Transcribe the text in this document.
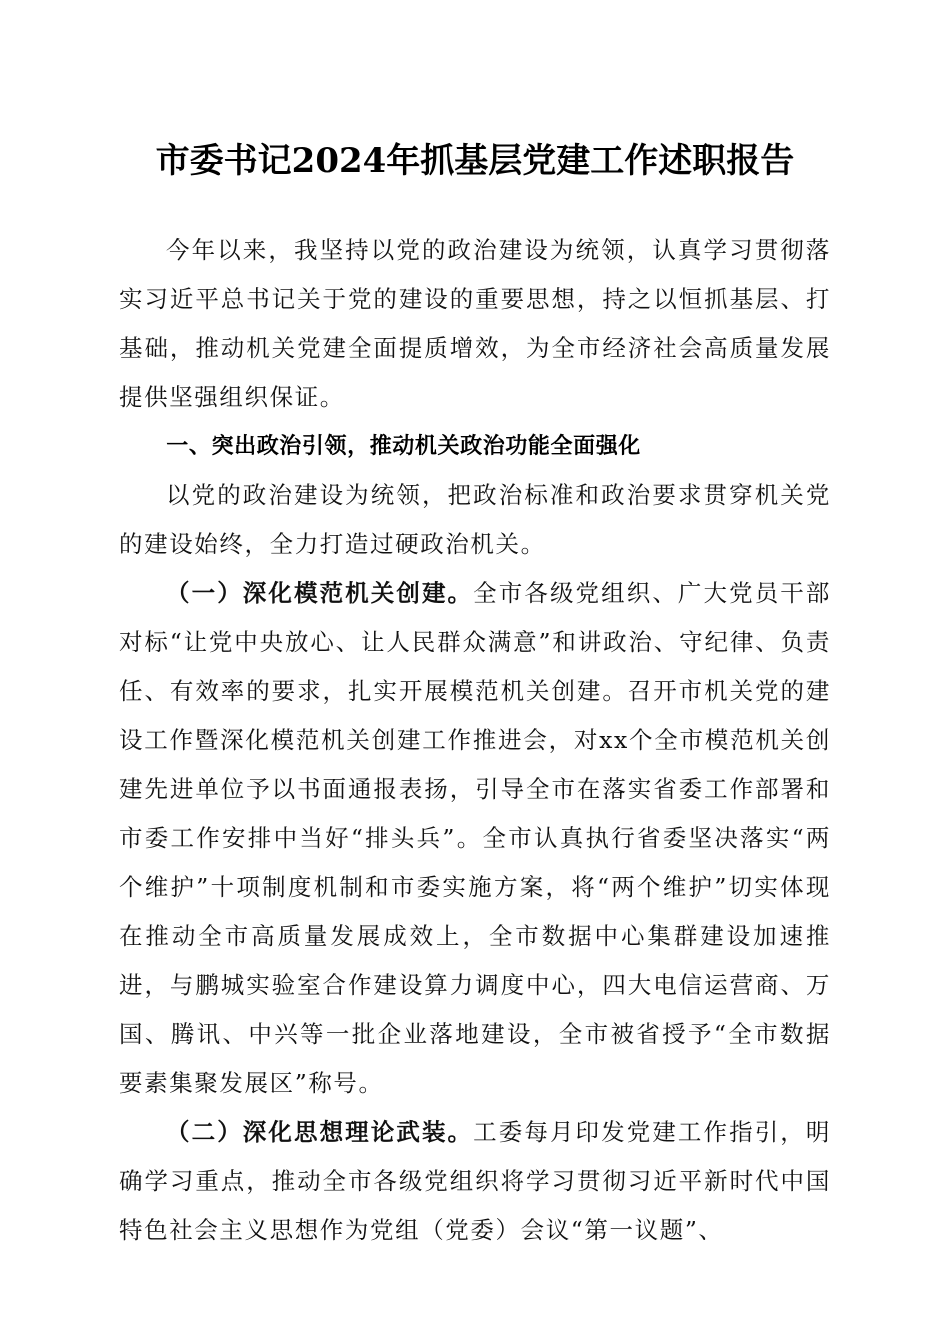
市委书记2024年抓基层党建工作述职报告

今年以来，我坚持以党的政治建设为统领，认真学习贯彻落实习近平总书记关于党的建设的重要思想，持之以恒抓基层、打基础，推动机关党建全面提质增效，为全市经济社会高质量发展提供坚强组织保证。

一、突出政治引领，推动机关政治功能全面强化

以党的政治建设为统领，把政治标准和政治要求贯穿机关党的建设始终，全力打造过硬政治机关。

（一）深化模范机关创建。全市各级党组织、广大党员干部对标“让党中央放心、让人民群众满意”和讲政治、守纪律、负责任、有效率的要求，扎实开展模范机关创建。召开市机关党的建设工作暨深化模范机关创建工作推进会，对xx个全市模范机关创建先进单位予以书面通报表扬，引导全市在落实省委工作部署和市委工作安排中当好“排头兵”。全市认真执行省委坚决落实“两个维护”十项制度机制和市委实施方案，将“两个维护”切实体现在推动全市高质量发展成效上，全市数据中心集群建设加速推进，与鹏城实验室合作建设算力调度中心，四大电信运营商、万国、腾讯、中兴等一批企业落地建设，全市被省授予“全市数据要素集聚发展区”称号。

（二）深化思想理论武装。工委每月印发党建工作指引，明确学习重点，推动全市各级党组织将学习贯彻习近平新时代中国特色社会主义思想作为党组（党委）会议“第一议题”、
